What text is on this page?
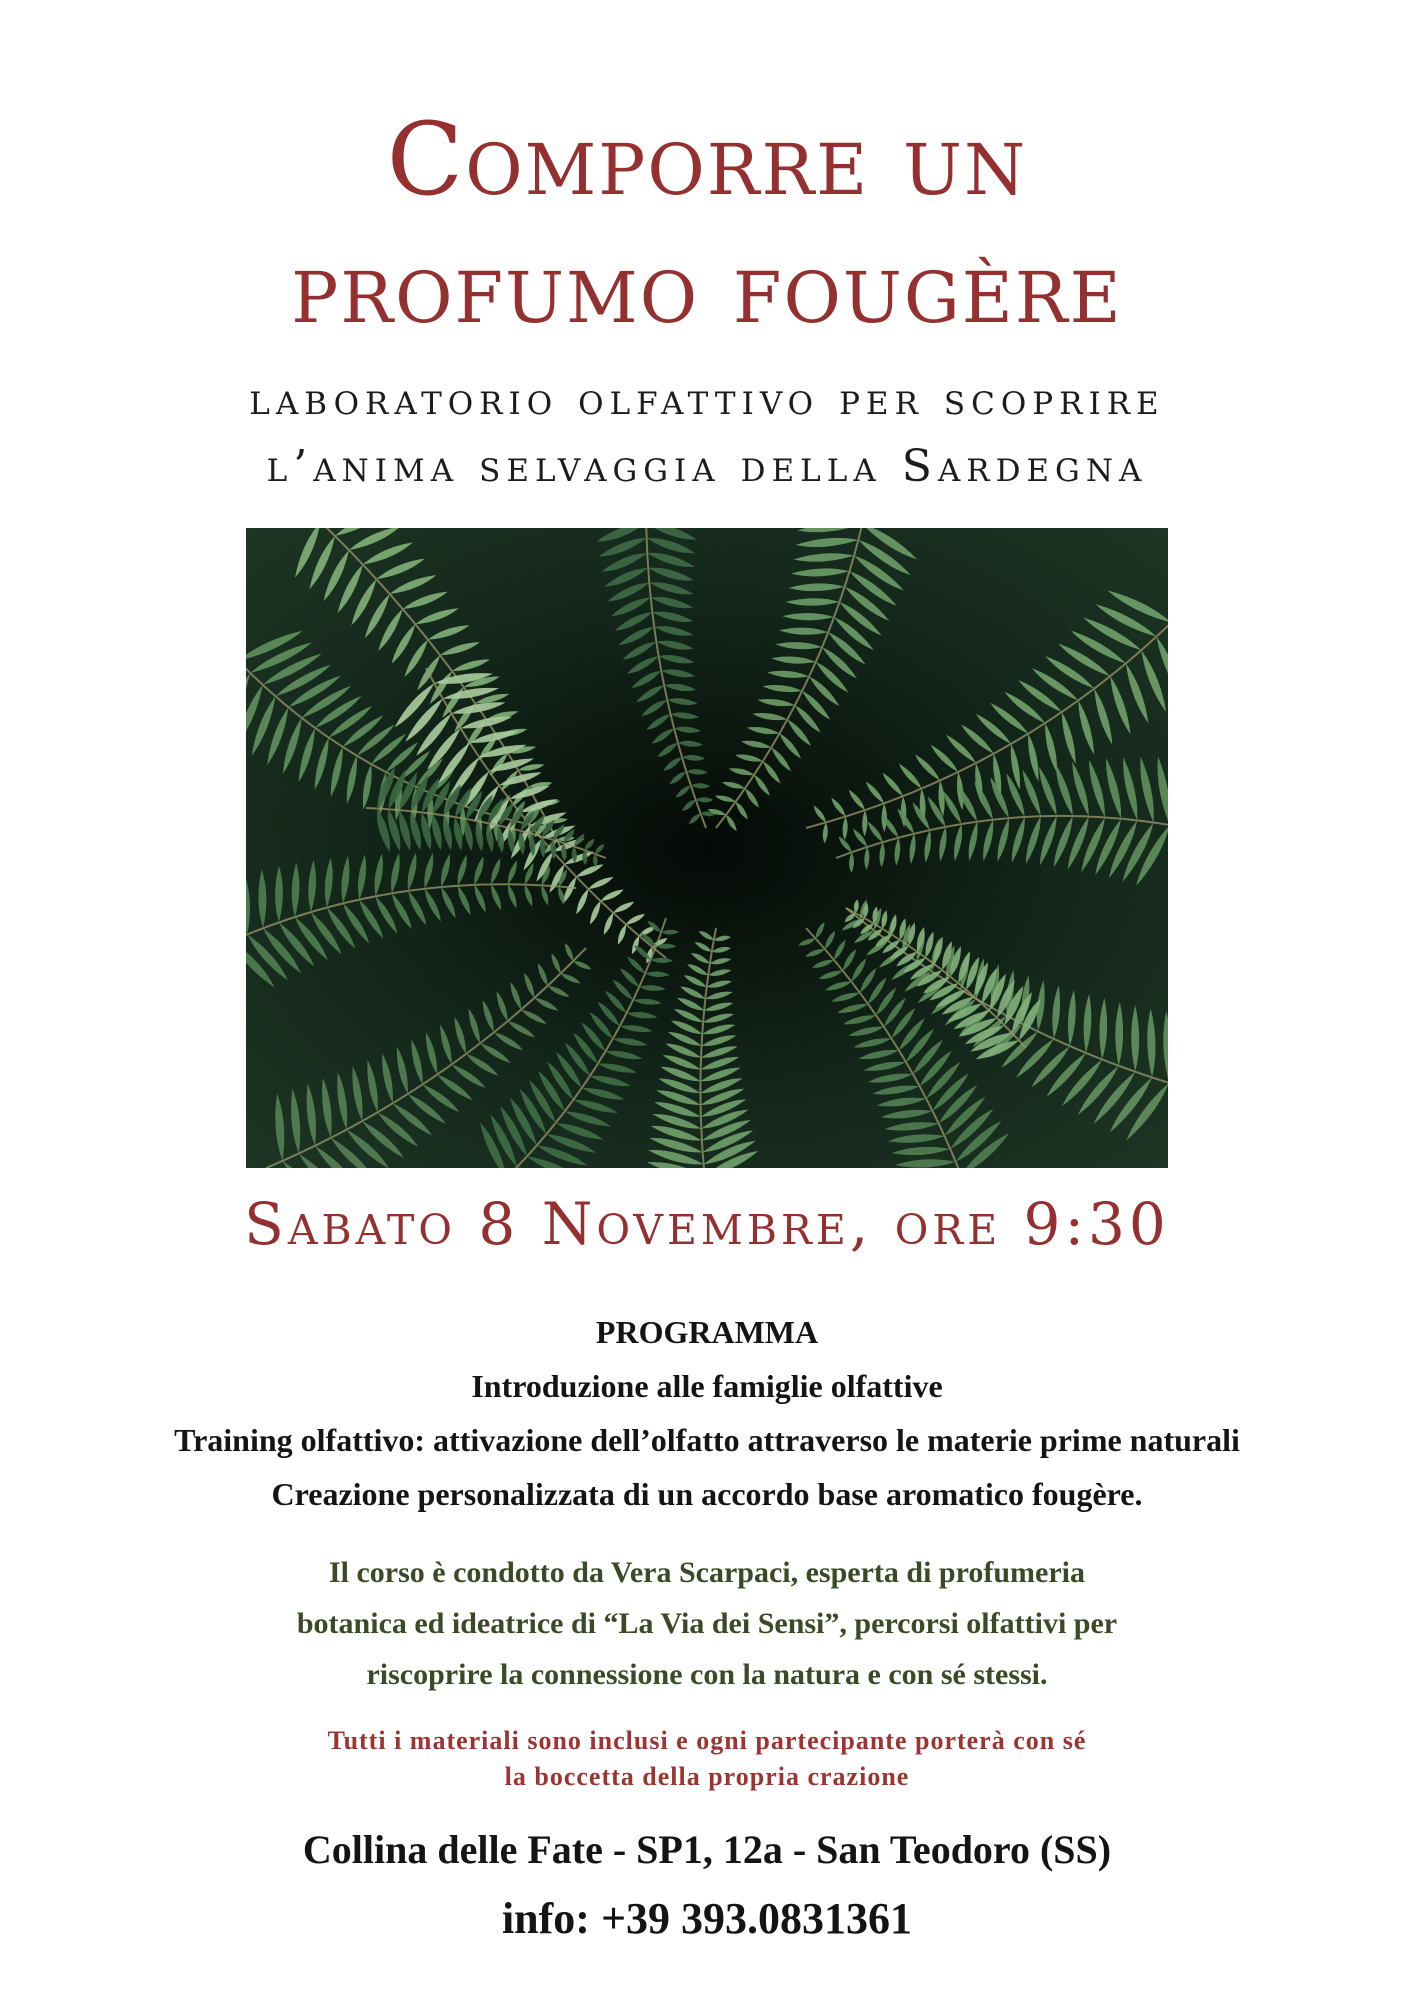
Comporre un
profumo fougère
laboratorio olfattivo per scoprire
l’anima selvaggia della Sardegna
Sabato 8 Novembre, ore 9:30
PROGRAMMA
Introduzione alle famiglie olfattive
Training olfattivo: attivazione dell’olfatto attraverso le materie prime naturali
Creazione personalizzata di un accordo base aromatico fougère.
Il corso è condotto da Vera Scarpaci, esperta di profumeria
botanica ed ideatrice di “La Via dei Sensi”, percorsi olfattivi per
riscoprire la connessione con la natura e con sé stessi.
Tutti i materiali sono inclusi e ogni partecipante porterà con sé
la boccetta della propria crazione
Collina delle Fate - SP1, 12a - San Teodoro (SS)
info: +39 393.0831361
